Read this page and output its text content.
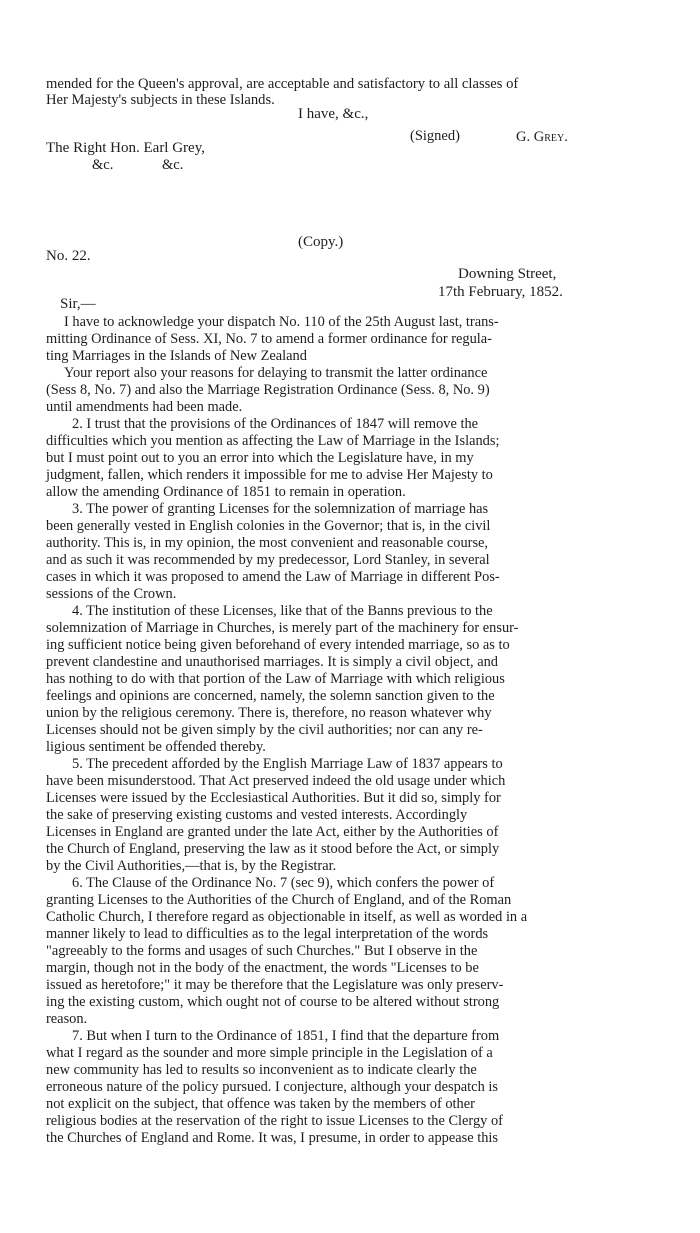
mended for the Queen's approval, are acceptable and satisfactory to all classes of
Her Majesty's subjects in these Islands.
I have, &c.,
(Signed)	G. Grey.
The Right Hon. Earl Grey,
&c.	&c.
(Copy.)
No. 22.
Downing Street,
17th February, 1852.
Sir,—
I have to acknowledge your dispatch No. 110 of the 25th August last, trans-
mitting Ordinance of Sess. XI, No. 7 to amend a former ordinance for regula-
ting Marriages in the Islands of New Zealand
Your report also your reasons for delaying to transmit the latter ordinance
(Sess 8, No. 7) and also the Marriage Registration Ordinance (Sess. 8, No. 9)
until amendments had been made.
2. I trust that the provisions of the Ordinances of 1847 will remove the
difficulties which you mention as affecting the Law of Marriage in the Islands;
but I must point out to you an error into which the Legislature have, in my
judgment, fallen, which renders it impossible for me to advise Her Majesty to
allow the amending Ordinance of 1851 to remain in operation.
3. The power of granting Licenses for the solemnization of marriage has
been generally vested in English colonies in the Governor; that is, in the civil
authority. This is, in my opinion, the most convenient and reasonable course,
and as such it was recommended by my predecessor, Lord Stanley, in several
cases in which it was proposed to amend the Law of Marriage in different Pos-
sessions of the Crown.
4. The institution of these Licenses, like that of the Banns previous to the
solemnization of Marriage in Churches, is merely part of the machinery for ensur-
ing sufficient notice being given beforehand of every intended marriage, so as to
prevent clandestine and unauthorised marriages. It is simply a civil object, and
has nothing to do with that portion of the Law of Marriage with which religious
feelings and opinions are concerned, namely, the solemn sanction given to the
union by the religious ceremony. There is, therefore, no reason whatever why
Licenses should not be given simply by the civil authorities; nor can any re-
ligious sentiment be offended thereby.
5. The precedent afforded by the English Marriage Law of 1837 appears to
have been misunderstood. That Act preserved indeed the old usage under which
Licenses were issued by the Ecclesiastical Authorities. But it did so, simply for
the sake of preserving existing customs and vested interests. Accordingly
Licenses in England are granted under the late Act, either by the Authorities of
the Church of England, preserving the law as it stood before the Act, or simply
by the Civil Authorities,—that is, by the Registrar.
6. The Clause of the Ordinance No. 7 (sec 9), which confers the power of
granting Licenses to the Authorities of the Church of England, and of the Roman
Catholic Church, I therefore regard as objectionable in itself, as well as worded in a
manner likely to lead to difficulties as to the legal interpretation of the words
"agreeably to the forms and usages of such Churches." But I observe in the
margin, though not in the body of the enactment, the words "Licenses to be
issued as heretofore;" it may be therefore that the Legislature was only preserv-
ing the existing custom, which ought not of course to be altered without strong
reason.
7. But when I turn to the Ordinance of 1851, I find that the departure from
what I regard as the sounder and more simple principle in the Legislation of a
new community has led to results so inconvenient as to indicate clearly the
erroneous nature of the policy pursued. I conjecture, although your despatch is
not explicit on the subject, that offence was taken by the members of other
religious bodies at the reservation of the right to issue Licenses to the Clergy of
the Churches of England and Rome. It was, I presume, in order to appease this
